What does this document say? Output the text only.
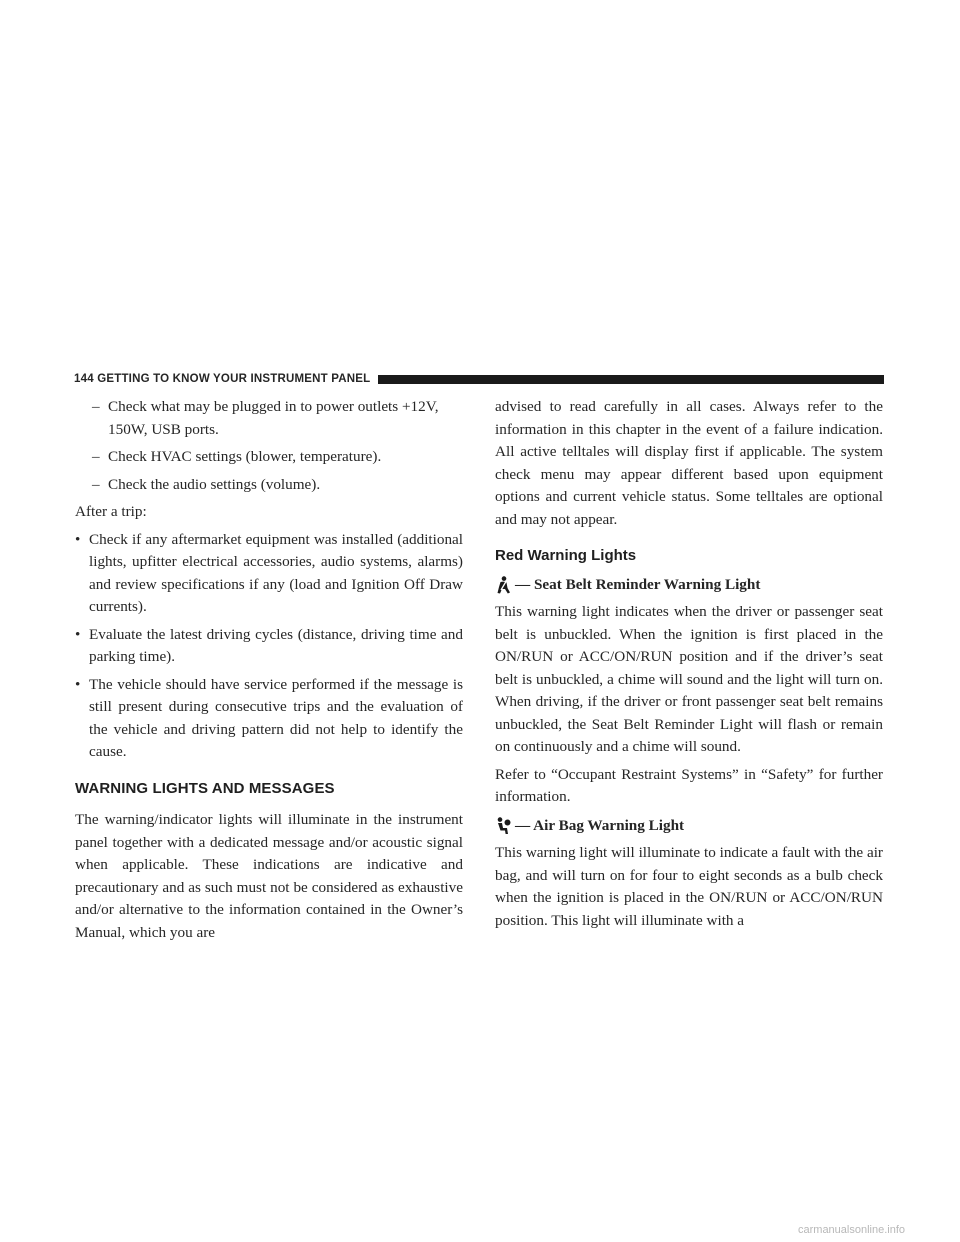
144 GETTING TO KNOW YOUR INSTRUMENT PANEL

– Check what may be plugged in to power outlets +12V, 150W, USB ports.

– Check HVAC settings (blower, temperature).

– Check the audio settings (volume).

After a trip:

• Check if any aftermarket equipment was installed (additional lights, upfitter electrical accessories, audio systems, alarms) and review specifications if any (load and Ignition Off Draw currents).
• Evaluate the latest driving cycles (distance, driving time and parking time).
• The vehicle should have service performed if the message is still present during consecutive trips and the evaluation of the vehicle and driving pattern did not help to identify the cause.
WARNING LIGHTS AND MESSAGES

The warning/indicator lights will illuminate in the instrument panel together with a dedicated message and/or acoustic signal when applicable. These indications are indicative and precautionary and as such must not be considered as exhaustive and/or alternative to the information contained in the Owner’s Manual, which you are

advised to read carefully in all cases. Always refer to the information in this chapter in the event of a failure indication. All active telltales will display first if applicable. The system check menu may appear different based upon equipment options and current vehicle status. Some telltales are optional and may not appear.

Red Warning Lights
— Seat Belt Reminder Warning Light

This warning light indicates when the driver or passenger seat belt is unbuckled. When the ignition is first placed in the ON/RUN or ACC/ON/RUN position and if the driver’s seat belt is unbuckled, a chime will sound and the light will turn on. When driving, if the driver or front passenger seat belt remains unbuckled, the Seat Belt Reminder Light will flash or remain on continuously and a chime will sound.

Refer to “Occupant Restraint Systems” in “Safety” for further information.

— Air Bag Warning Light

This warning light will illuminate to indicate a fault with the air bag, and will turn on for four to eight seconds as a bulb check when the ignition is placed in the ON/RUN or ACC/ON/RUN position. This light will illuminate with a

carmanualsonline.info
